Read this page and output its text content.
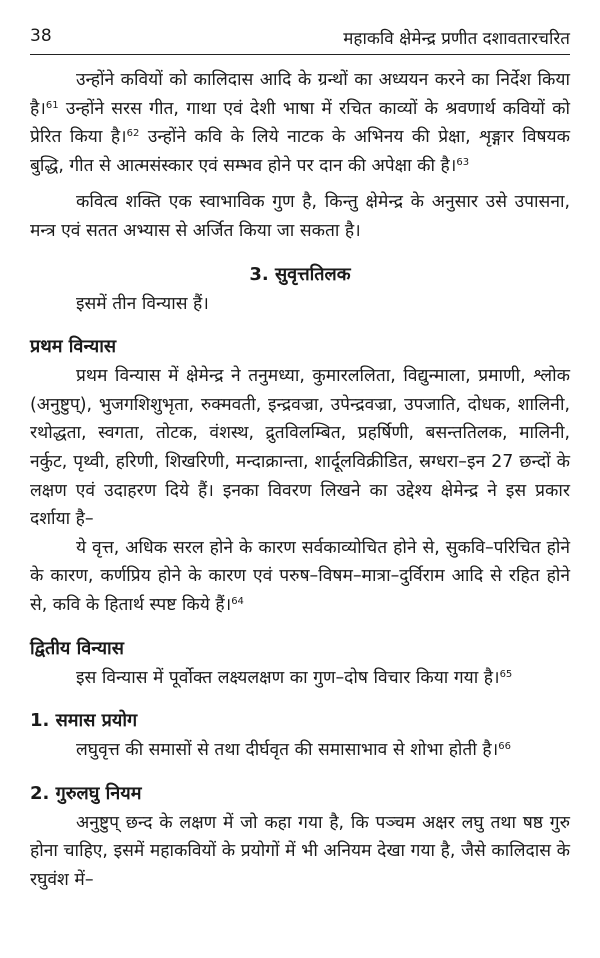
38	महाकवि क्षेमेन्द्र प्रणीत दशावतारचरित

उन्होंने कवियों को कालिदास आदि के ग्रन्थों का अध्ययन करने का निर्देश किया है।$^{61}$ उन्होंने सरस गीत, गाथा एवं देशी भाषा में रचित काव्यों के श्रवणार्थ कवियों को प्रेरित किया है।$^{62}$ उन्होंने कवि के लिये नाटक के अभिनय की प्रेक्षा, शृङ्गार विषयक बुद्धि, गीत से आत्मसंस्कार एवं सम्भव होने पर दान की अपेक्षा की है।$^{63}$

कवित्व शक्ति एक स्वाभाविक गुण है, किन्तु क्षेमेन्द्र के अनुसार उसे उपासना, मन्त्र एवं सतत अभ्यास से अर्जित किया जा सकता है।

3. सुवृत्ततिलक

इसमें तीन विन्यास हैं।

प्रथम विन्यास

प्रथम विन्यास में क्षेमेन्द्र ने तनुमध्या, कुमारललिता, विद्युन्माला, प्रमाणी, श्लोक (अनुष्टुप्), भुजगशिशुभृता, रुक्मवती, इन्द्रवज्रा, उपेन्द्रवज्रा, उपजाति, दोधक, शालिनी, रथोद्धता, स्वगता, तोटक, वंशस्थ, द्रुतविलम्बित, प्रहर्षिणी, बसन्ततिलक, मालिनी, नर्कुट, पृथ्वी, हरिणी, शिखरिणी, मन्दाक्रान्ता, शार्दूलविक्रीडित, स्रग्धरा–इन 27 छन्दों के लक्षण एवं उदाहरण दिये हैं। इनका विवरण लिखने का उद्देश्य क्षेमेन्द्र ने इस प्रकार दर्शाया है–

ये वृत्त, अधिक सरल होने के कारण सर्वकाव्योचित होने से, सुकवि–परिचित होने के कारण, कर्णप्रिय होने के कारण एवं परुष–विषम–मात्रा–दुर्विराम आदि से रहित होने से, कवि के हितार्थ स्पष्ट किये हैं।$^{64}$

द्वितीय विन्यास

इस विन्यास में पूर्वोक्त लक्ष्यलक्षण का गुण–दोष विचार किया गया है।$^{65}$

1. समास प्रयोग

लघुवृत्त की समासों से तथा दीर्घवृत की समासाभाव से शोभा होती है।$^{66}$

2. गुरुलघु नियम

अनुष्टुप् छन्द के लक्षण में जो कहा गया है, कि पञ्चम अक्षर लघु तथा षष्ठ गुरु होना चाहिए, इसमें महाकवियों के प्रयोगों में भी अनियम देखा गया है, जैसे कालिदास के रघुवंश में–
